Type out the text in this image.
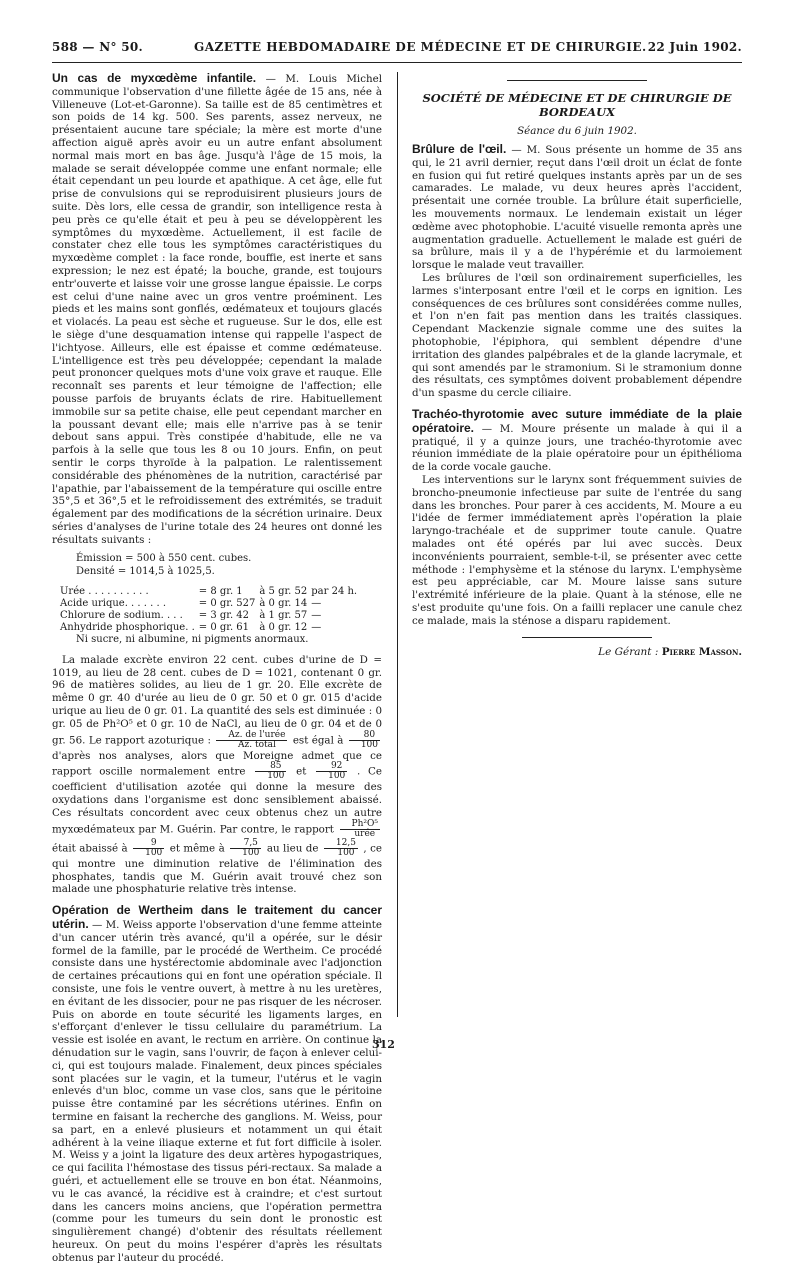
588 — N° 50.	GAZETTE HEBDOMADAIRE DE MÉDECINE ET DE CHIRURGIE. 22 Juin 1902.

Un cas de myxœdème infantile. — M. Louis Michel communique l'observation d'une fillette âgée de 15 ans, née à Villeneuve (Lot-et-Garonne). Sa taille est de 85 centimètres et son poids de 14 kg. 500. Ses parents, assez nerveux, ne présentaient aucune tare spéciale; la mère est morte d'une affection aiguë après avoir eu un autre enfant absolument normal mais mort en bas âge. Jusqu'à l'âge de 15 mois, la malade se serait développée comme une enfant normale; elle était cependant un peu lourde et apathique. A cet âge, elle fut prise de convulsions qui se reproduisirent plusieurs jours de suite. Dès lors, elle cessa de grandir, son intelligence resta à peu près ce qu'elle était et peu à peu se développèrent les symptômes du myxœdème. Actuellement, il est facile de constater chez elle tous les symptômes caractéristiques du myxœdème complet : la face ronde, bouffie, est inerte et sans expression; le nez est épaté; la bouche, grande, est toujours entr'ouverte et laisse voir une grosse langue épaissie. Le corps est celui d'une naine avec un gros ventre proéminent. Les pieds et les mains sont gonflés, œdémateux et toujours glacés et violacés. La peau est sèche et rugueuse. Sur le dos, elle est le siège d'une desquamation intense qui rappelle l'aspect de l'ichtyose. Ailleurs, elle est épaisse et comme œdémateuse. L'intelligence est très peu développée; cependant la malade peut prononcer quelques mots d'une voix grave et rauque. Elle reconnaît ses parents et leur témoigne de l'affection; elle pousse parfois de bruyants éclats de rire. Habituellement immobile sur sa petite chaise, elle peut cependant marcher en la poussant devant elle; mais elle n'arrive pas à se tenir debout sans appui. Très constipée d'habitude, elle ne va parfois à la selle que tous les 8 ou 10 jours. Enfin, on peut sentir le corps thyroïde à la palpation. Le ralentissement considérable des phénomènes de la nutrition, caractérisé par l'apathie, par l'abaissement de la température qui oscille entre 35°,5 et 36°,5 et le refroidissement des extrémités, se traduit également par des modifications de la sécrétion urinaire. Deux séries d'analyses de l'urine totale des 24 heures ont donné les résultats suivants :

Émission = 500 à 550 cent. cubes.
Densité = 1014,5 à 1025,5.
Urée . . . . . . . . . .	= 8 gr. 1	à 5 gr. 52	par 24 h.
Acide urique. . . . . . .	= 0 gr. 527	à 0 gr. 14	—
Chlorure de sodium. . . .	= 3 gr. 42	à 1 gr. 57	—
Anhydride phosphorique. .	= 0 gr. 61	à 0 gr. 12	—
Ni sucre, ni albumine, ni pigments anormaux.			

La malade excrète environ 22 cent. cubes d'urine de D = 1019, au lieu de 28 cent. cubes de D = 1021, contenant 0 gr. 96 de matières solides, au lieu de 1 gr. 20. Elle excrète de même 0 gr. 40 d'urée au lieu de 0 gr. 50 et 0 gr. 015 d'acide urique au lieu de 0 gr. 01. La quantité des sels est diminuée : 0 gr. 05 de Ph²O⁵ et 0 gr. 10 de NaCl, au lieu de 0 gr. 04 et de 0 gr. 56. Le rapport azoturique : $\frac{\text{Az. de l'urée}}{\text{Az. total}}$ est égal à $\frac{80}{100}$
d'après nos analyses, alors que Moreigne admet que ce rapport oscille normalement entre $\frac{85}{100}$ et $\frac{92}{100}$ . Ce coefficient d'utilisation azotée qui donne la mesure des oxydations dans l'organisme est donc sensiblement abaissé. Ces résultats concordent avec ceux obtenus chez un autre myxœdémateux par M. Guérin. Par contre, le rapport $\frac{\text{Ph²O⁵}}{\text{urée}}$
était abaissé à $\frac{9}{100}$ et même à $\frac{7,5}{100}$ au lieu de $\frac{12,5}{100}$ , ce qui montre une diminution relative de l'élimination des phosphates, tandis que M. Guérin avait trouvé chez son malade une phosphaturie relative très intense.

Opération de Wertheim dans le traitement du cancer utérin. — M. Weiss apporte l'observation d'une femme atteinte d'un cancer utérin très avancé, qu'il a opérée, sur le désir formel de la famille, par le procédé de Wertheim. Ce procédé consiste dans une hystérectomie abdominale avec l'adjonction de certaines précautions qui en font une opération spéciale. Il consiste, une fois le ventre ouvert, à mettre à nu les uretères, en évitant de les dissocier, pour ne pas risquer de les nécroser. Puis on aborde en toute sécurité les ligaments larges, en s'efforçant d'enlever le tissu cellulaire du paramétrium. La vessie est isolée en avant, le rectum en arrière. On continue la dénudation sur le vagin, sans l'ouvrir, de façon à enlever celui-ci, qui est toujours malade. Finalement, deux pinces spéciales sont placées sur le vagin, et la tumeur, l'utérus et le vagin enlevés d'un bloc, comme un vase clos, sans que le péritoine puisse être contaminé par les sécrétions utérines. Enfin on termine en faisant la recherche des ganglions. M. Weiss, pour sa part, en a enlevé plusieurs et notamment un qui était adhérent à la veine iliaque externe et fut fort difficile à isoler. M. Weiss y a joint la ligature des deux artères hypogastriques, ce qui facilita l'hémostase des tissus péri-rectaux. Sa malade a guéri, et actuellement elle se trouve en bon état. Néanmoins, vu le cas avancé, la récidive est à craindre; et c'est surtout dans les cancers moins anciens, que l'opération permettra (comme pour les tumeurs du sein dont le pronostic est singulièrement changé) d'obtenir des résultats réellement heureux. On peut du moins l'espérer d'après les résultats obtenus par l'auteur du procédé.

SOCIÉTÉ DE MÉDECINE ET DE CHIRURGIE DE BORDEAUX
Séance du 6 juin 1902.

Brûlure de l'œil. — M. Sous présente un homme de 35 ans qui, le 21 avril dernier, reçut dans l'œil droit un éclat de fonte en fusion qui fut retiré quelques instants après par un de ses camarades. Le malade, vu deux heures après l'accident, présentait une cornée trouble. La brûlure était superficielle, les mouvements normaux. Le lendemain existait un léger œdème avec photophobie. L'acuité visuelle remonta après une augmentation graduelle. Actuellement le malade est guéri de sa brûlure, mais il y a de l'hypérémie et du larmoiement lorsque le malade veut travailler.

Les brûlures de l'œil son ordinairement superficielles, les larmes s'interposant entre l'œil et le corps en ignition. Les conséquences de ces brûlures sont considérées comme nulles, et l'on n'en fait pas mention dans les traités classiques. Cependant Mackenzie signale comme une des suites la photophobie, l'épiphora, qui semblent dépendre d'une irritation des glandes palpébrales et de la glande lacrymale, et qui sont amendés par le stramonium. Si le stramonium donne des résultats, ces symptômes doivent probablement dépendre d'un spasme du cercle ciliaire.

Trachéo-thyrotomie avec suture immédiate de la plaie opératoire. — M. Moure présente un malade à qui il a pratiqué, il y a quinze jours, une trachéo-thyrotomie avec réunion immédiate de la plaie opératoire pour un épithélioma de la corde vocale gauche.

Les interventions sur le larynx sont fréquemment suivies de broncho-pneumonie infectieuse par suite de l'entrée du sang dans les bronches. Pour parer à ces accidents, M. Moure a eu l'idée de fermer immédiatement après l'opération la plaie laryngo-trachéale et de supprimer toute canule. Quatre malades ont été opérés par lui avec succès. Deux inconvénients pourraient, semble-t-il, se présenter avec cette méthode : l'emphysème et la sténose du larynx. L'emphysème est peu appréciable, car M. Moure laisse sans suture l'extrémité inférieure de la plaie. Quant à la sténose, elle ne s'est produite qu'une fois. On a failli replacer une canule chez ce malade, mais la sténose a disparu rapidement.

Le Gérant : Pierre Masson.
312
